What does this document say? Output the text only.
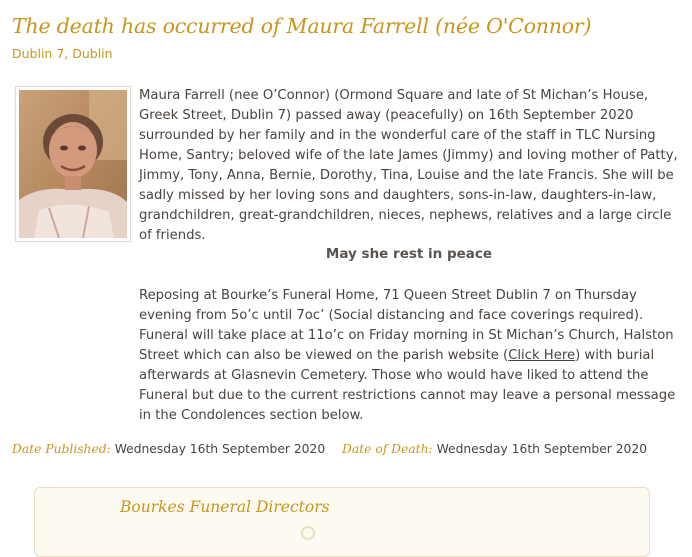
The death has occurred of Maura Farrell (née O'Connor)
Dublin 7, Dublin

Maura Farrell (nee O’Connor) (Ormond Square and late of St Michan’s House, Greek Street, Dublin 7) passed away (peacefully) on 16th September 2020 surrounded by her family and in the wonderful care of the staff in TLC Nursing Home, Santry; beloved wife of the late James (Jimmy) and loving mother of Patty, Jimmy, Tony, Anna, Bernie, Dorothy, Tina, Louise and the late Francis. She will be sadly missed by her loving sons and daughters, sons-in-law, daughters-in-law, grandchildren, great-grandchildren, nieces, nephews, relatives and a large circle of friends.

May she rest in peace

Reposing at Bourke’s Funeral Home, 71 Queen Street Dublin 7 on Thursday evening from 5o’c until 7oc’ (Social distancing and face coverings required). Funeral will take place at 11o’c on Friday morning in St Michan’s Church, Halston Street which can also be viewed on the parish website (Click Here) with burial afterwards at Glasnevin Cemetery. Those who would have liked to attend the Funeral but due to the current restrictions cannot may leave a personal message in the Condolences section below.

Date Published: Wednesday 16th September 2020 Date of Death: Wednesday 16th September 2020
Bourkes Funeral Directors
